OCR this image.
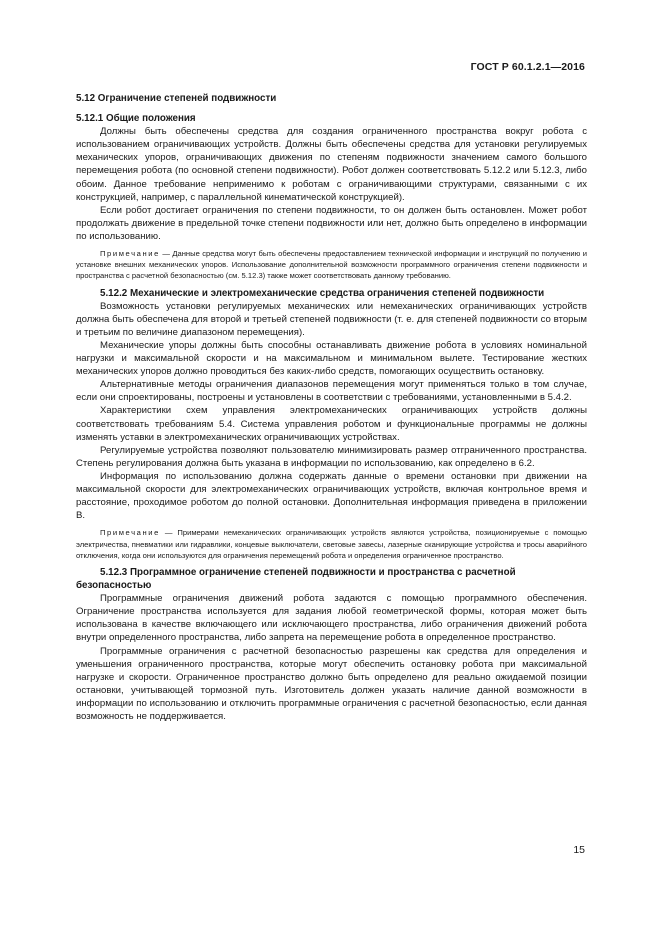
ГОСТ Р 60.1.2.1—2016

5.12 Ограничение степеней подвижности

5.12.1 Общие положения

Должны быть обеспечены средства для создания ограниченного пространства вокруг робота с использованием ограничивающих устройств. Должны быть обеспечены средства для установки регулируемых механических упоров, ограничивающих движения по степеням подвижности значением самого большого перемещения робота (по основной степени подвижности). Робот должен соответствовать 5.12.2 или 5.12.3, либо обоим. Данное требование неприменимо к роботам с ограничивающими структурами, связанными с их конструкцией, например, с параллельной кинематической конструкцией).

Если робот достигает ограничения по степени подвижности, то он должен быть остановлен. Может робот продолжать движение в предельной точке степени подвижности или нет, должно быть определено в информации по использованию.

Примечание — Данные средства могут быть обеспечены предоставлением технической информации и инструкций по получению и установке внешних механических упоров. Использование дополнительной возможности программного ограничения степени подвижности и пространства с расчетной безопасностью (см. 5.12.3) также может соответствовать данному требованию.

5.12.2 Механические и электромеханические средства ограничения степеней подвижности

Возможность установки регулируемых механических или немеханических ограничивающих устройств должна быть обеспечена для второй и третьей степеней подвижности (т. е. для степеней подвижности со вторым и третьим по величине диапазоном перемещения).

Механические упоры должны быть способны останавливать движение робота в условиях номинальной нагрузки и максимальной скорости и на максимальном и минимальном вылете. Тестирование жестких механических упоров должно проводиться без каких-либо средств, помогающих осуществить остановку.

Альтернативные методы ограничения диапазонов перемещения могут применяться только в том случае, если они спроектированы, построены и установлены в соответствии с требованиями, установленными в 5.4.2.

Характеристики схем управления электромеханических ограничивающих устройств должны соответствовать требованиям 5.4. Система управления роботом и функциональные программы не должны изменять уставки в электромеханических ограничивающих устройствах.

Регулируемые устройства позволяют пользователю минимизировать размер отграниченного пространства. Степень регулирования должна быть указана в информации по использованию, как определено в 6.2.

Информация по использованию должна содержать данные о времени остановки при движении на максимальной скорости для электромеханических ограничивающих устройств, включая контрольное время и расстояние, проходимое роботом до полной остановки. Дополнительная информация приведена в приложении В.

Примечание — Примерами немеханических ограничивающих устройств являются устройства, позиционируемые с помощью электричества, пневматики или гидравлики, концевые выключатели, световые завесы, лазерные сканирующие устройства и тросы аварийного отключения, когда они используются для ограничения перемещений робота и определения ограниченное пространство.

5.12.3 Программное ограничение степеней подвижности и пространства с расчетной безопасностью

Программные ограничения движений робота задаются с помощью программного обеспечения. Ограничение пространства используется для задания любой геометрической формы, которая может быть использована в качестве включающего или исключающего пространства, либо ограничения движений робота внутри определенного пространства, либо запрета на перемещение робота в определенное пространство.

Программные ограничения с расчетной безопасностью разрешены как средства для определения и уменьшения ограниченного пространства, которые могут обеспечить остановку робота при максимальной нагрузке и скорости. Ограниченное пространство должно быть определено для реально ожидаемой позиции остановки, учитывающей тормозной путь. Изготовитель должен указать наличие данной возможности в информации по использованию и отключить программные ограничения с расчетной безопасностью, если данная возможность не поддерживается.

15
